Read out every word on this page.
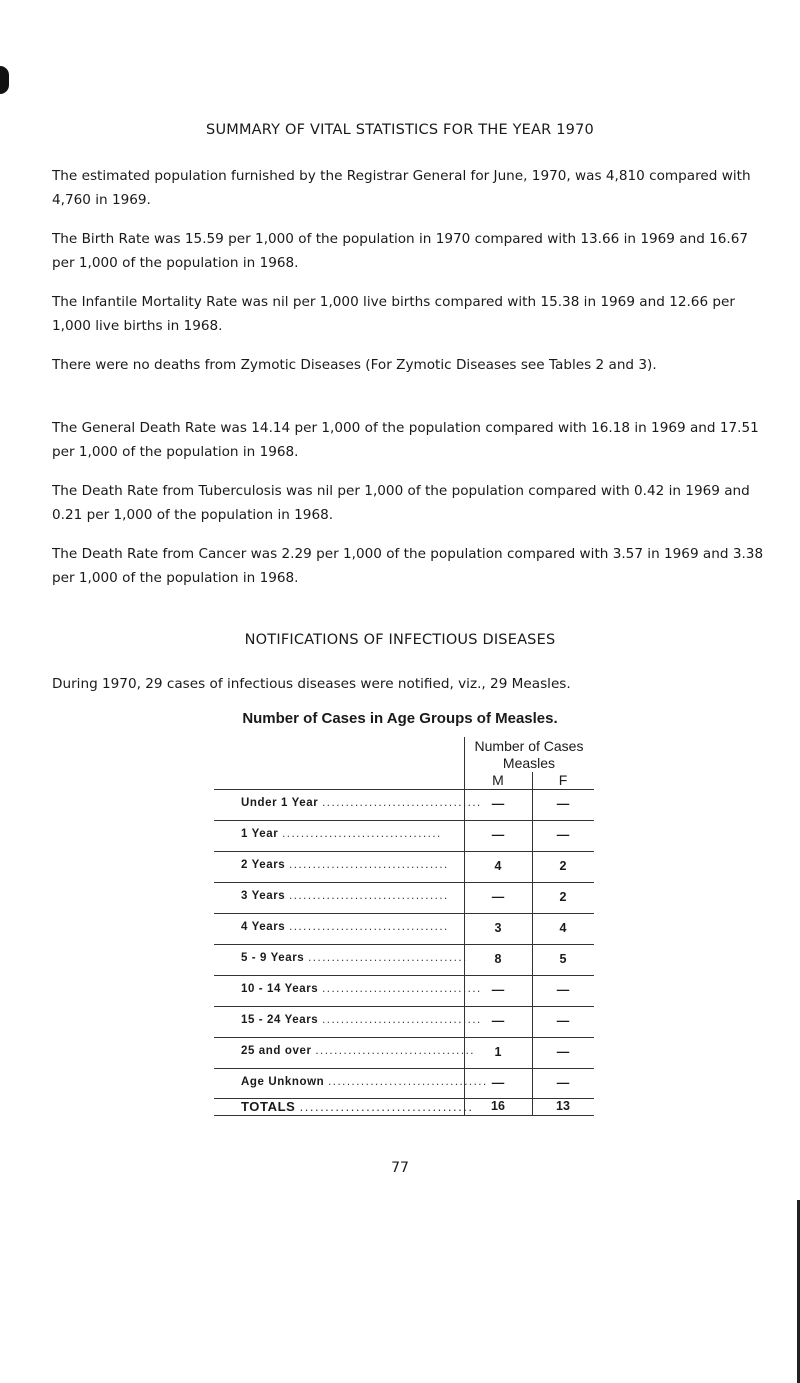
SUMMARY OF VITAL STATISTICS FOR THE YEAR 1970
The estimated population furnished by the Registrar General for June, 1970, was 4,810 compared with 4,760 in 1969.
The Birth Rate was 15.59 per 1,000 of the population in 1970 compared with 13.66 in 1969 and 16.67 per 1,000 of the population in 1968.
The Infantile Mortality Rate was nil per 1,000 live births compared with 15.38 in 1969 and 12.66 per 1,000 live births in 1968.
There were no deaths from Zymotic Diseases (For Zymotic Diseases see Tables 2 and 3).
The General Death Rate was 14.14 per 1,000 of the population compared with 16.18 in 1969 and 17.51 per 1,000 of the population in 1968.
The Death Rate from Tuberculosis was nil per 1,000 of the population compared with 0.42 in 1969 and 0.21 per 1,000 of the population in 1968.
The Death Rate from Cancer was 2.29 per 1,000 of the population compared with 3.57 in 1969 and 3.38 per 1,000 of the population in 1968.
NOTIFICATIONS OF INFECTIOUS DISEASES
During 1970, 29 cases of infectious diseases were notified, viz., 29 Measles.
Number of Cases in Age Groups of Measles.
Number of Cases
Measles
M	F
Under 1 Year .................................. —	—
1 Year ..................................	—	—
2 Years ..................................	4	2
3 Years ..................................	—	2
4 Years ..................................	3	4
5 - 9 Years ..................................	8	5
10 - 14 Years .................................. —	—
15 - 24 Years .................................. —	—
25 and over ..................................	1	—
Age Unknown .................................. —	—
TOTALS ..................................	16	13
77
